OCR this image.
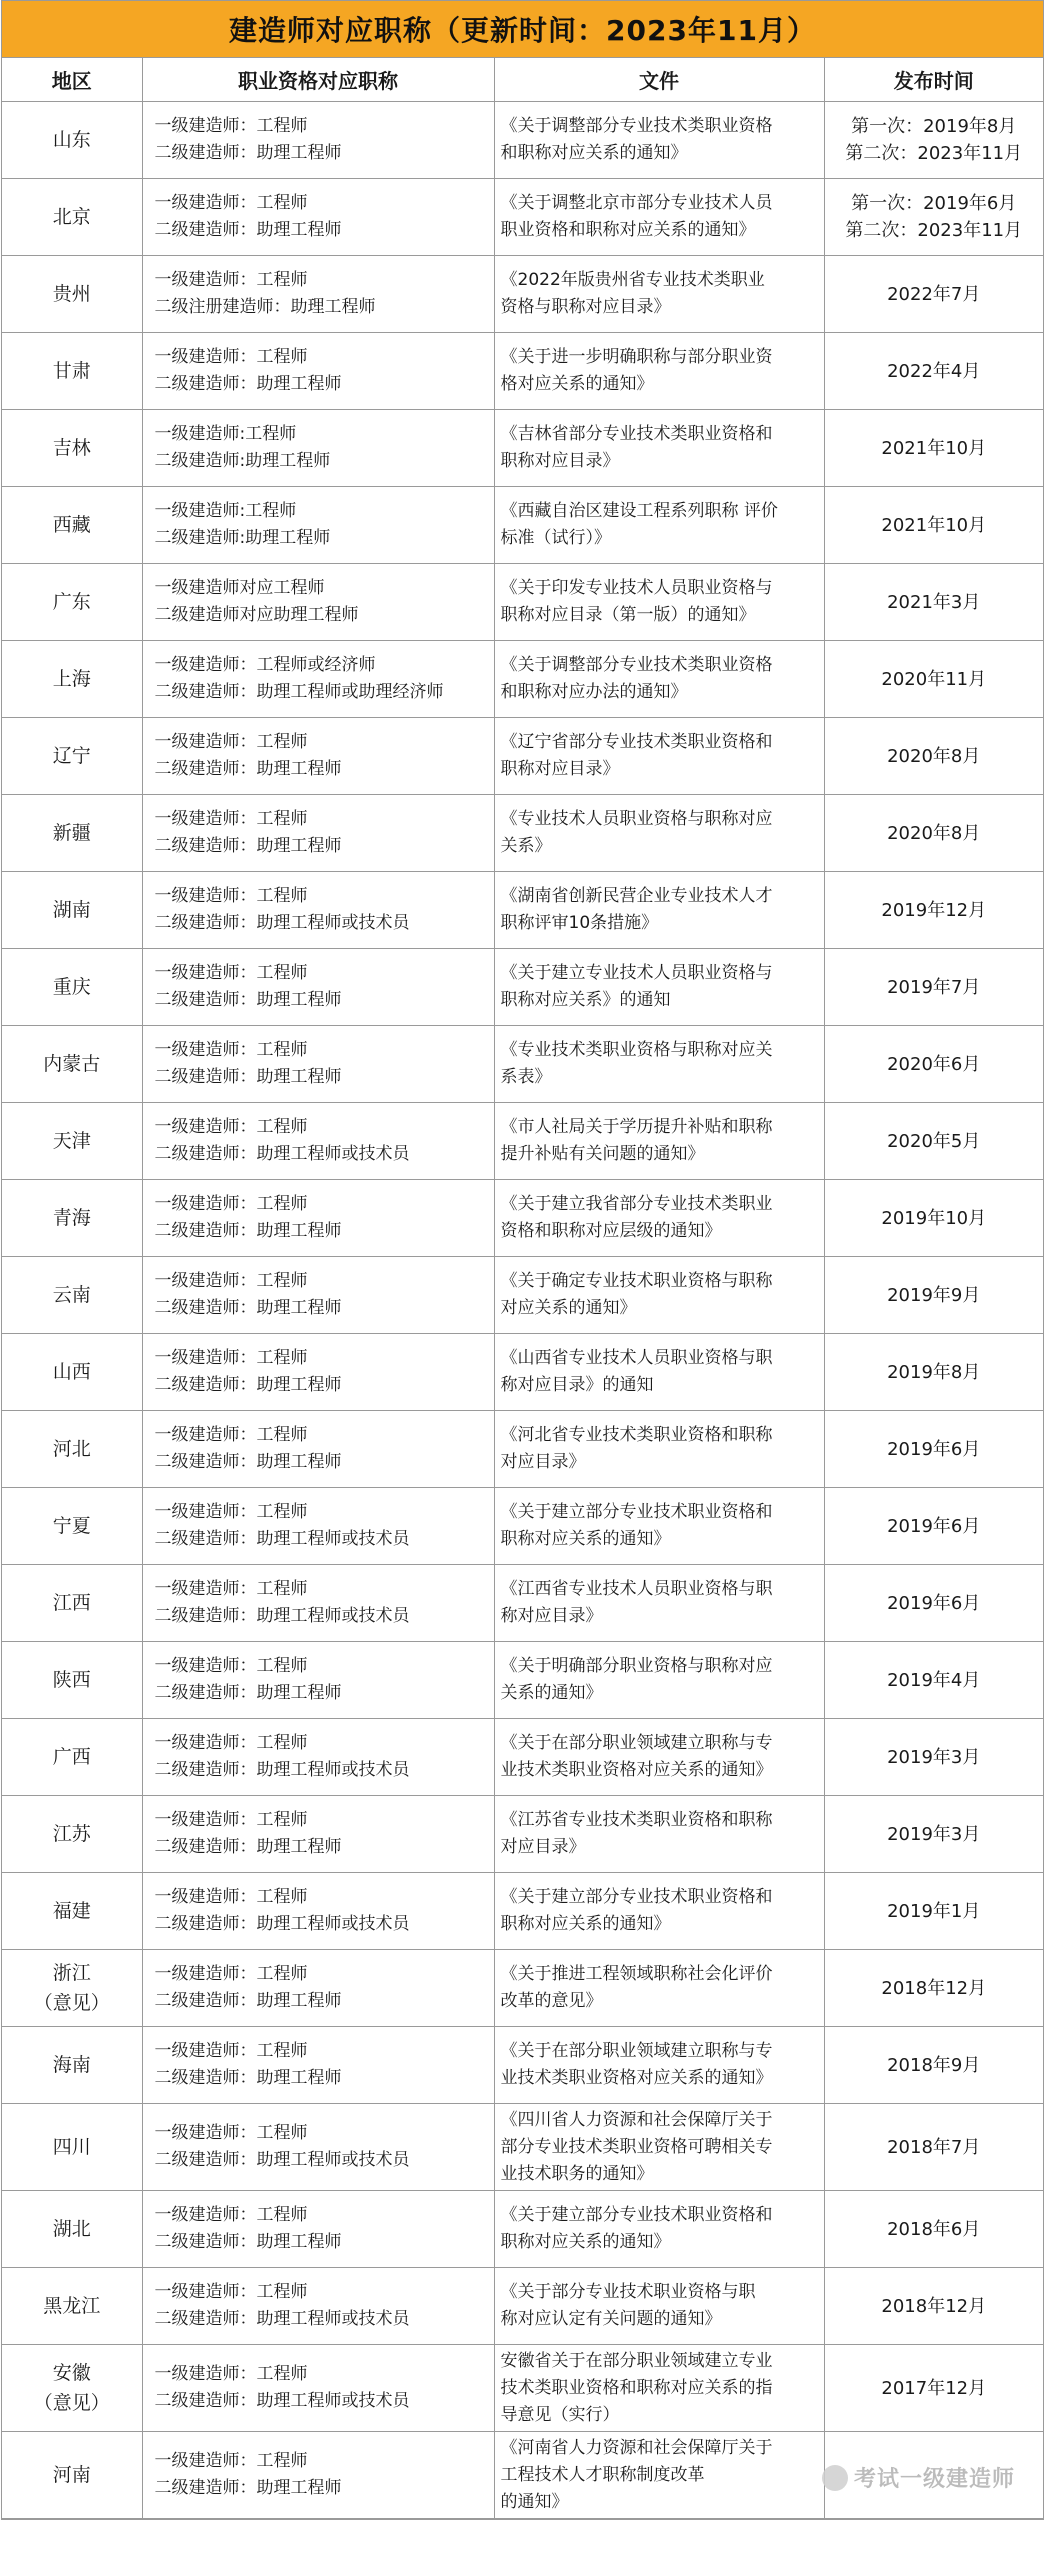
建造师对应职称（更新时间：2023年11月）
地区	职业资格对应职称	文件	发布时间

山东	一级建造师：工程师
二级建造师：助理工程师	《关于调整部分专业技术类职业资格
和职称对应关系的通知》	第一次：2019年8月
第二次：2023年11月

北京	一级建造师：工程师
二级建造师：助理工程师	《关于调整北京市部分专业技术人员
职业资格和职称对应关系的通知》	第一次：2019年6月
第二次：2023年11月

贵州	一级建造师：工程师
二级注册建造师：助理工程师	《2022年版贵州省专业技术类职业
资格与职称对应目录》	2022年7月

甘肃	一级建造师：工程师
二级建造师：助理工程师	《关于进一步明确职称与部分职业资
格对应关系的通知》	2022年4月

吉林	一级建造师:工程师
二级建造师:助理工程师	《吉林省部分专业技术类职业资格和
职称对应目录》	2021年10月

西藏	一级建造师:工程师
二级建造师:助理工程师	《西藏自治区建设工程系列职称 评价
标准（试行）》	2021年10月

广东	一级建造师对应工程师
二级建造师对应助理工程师	《关于印发专业技术人员职业资格与
职称对应目录（第一版）的通知》	2021年3月

上海	一级建造师：工程师或经济师
二级建造师：助理工程师或助理经济师	《关于调整部分专业技术类职业资格
和职称对应办法的通知》	2020年11月

辽宁	一级建造师：工程师
二级建造师：助理工程师	《辽宁省部分专业技术类职业资格和
职称对应目录》	2020年8月

新疆	一级建造师：工程师
二级建造师：助理工程师	《专业技术人员职业资格与职称对应
关系》	2020年8月

湖南	一级建造师：工程师
二级建造师：助理工程师或技术员	《湖南省创新民营企业专业技术人才
职称评审10条措施》	2019年12月

重庆	一级建造师：工程师
二级建造师：助理工程师	《关于建立专业技术人员职业资格与
职称对应关系》的通知	2019年7月

内蒙古	一级建造师：工程师
二级建造师：助理工程师	《专业技术类职业资格与职称对应关
系表》	2020年6月

天津	一级建造师：工程师
二级建造师：助理工程师或技术员	《市人社局关于学历提升补贴和职称
提升补贴有关问题的通知》	2020年5月

青海	一级建造师：工程师
二级建造师：助理工程师	《关于建立我省部分专业技术类职业
资格和职称对应层级的通知》	2019年10月

云南	一级建造师：工程师
二级建造师：助理工程师	《关于确定专业技术职业资格与职称
对应关系的通知》	2019年9月

山西	一级建造师：工程师
二级建造师：助理工程师	《山西省专业技术人员职业资格与职
称对应目录》的通知	2019年8月

河北	一级建造师：工程师
二级建造师：助理工程师	《河北省专业技术类职业资格和职称
对应目录》	2019年6月

宁夏	一级建造师：工程师
二级建造师：助理工程师或技术员	《关于建立部分专业技术职业资格和
职称对应关系的通知》	2019年6月

江西	一级建造师：工程师
二级建造师：助理工程师或技术员	《江西省专业技术人员职业资格与职
称对应目录》	2019年6月

陕西	一级建造师：工程师
二级建造师：助理工程师	《关于明确部分职业资格与职称对应
关系的通知》	2019年4月

广西	一级建造师：工程师
二级建造师：助理工程师或技术员	《关于在部分职业领域建立职称与专
业技术类职业资格对应关系的通知》	2019年3月

江苏	一级建造师：工程师
二级建造师：助理工程师	《江苏省专业技术类职业资格和职称
对应目录》	2019年3月

福建	一级建造师：工程师
二级建造师：助理工程师或技术员	《关于建立部分专业技术职业资格和
职称对应关系的通知》	2019年1月

浙江
（意见）	一级建造师：工程师
二级建造师：助理工程师	《关于推进工程领域职称社会化评价
改革的意见》	2018年12月

海南	一级建造师：工程师
二级建造师：助理工程师	《关于在部分职业领域建立职称与专
业技术类职业资格对应关系的通知》	2018年9月

四川	一级建造师：工程师
二级建造师：助理工程师或技术员	《四川省人力资源和社会保障厅关于
部分专业技术类职业资格可聘相关专
业技术职务的通知》	2018年7月

湖北	一级建造师：工程师
二级建造师：助理工程师	《关于建立部分专业技术职业资格和
职称对应关系的通知》	2018年6月

黑龙江	一级建造师：工程师
二级建造师：助理工程师或技术员	《关于部分专业技术职业资格与职
称对应认定有关问题的通知》	2018年12月

安徽
（意见）	一级建造师：工程师
二级建造师：助理工程师或技术员	安徽省关于在部分职业领域建立专业
技术类职业资格和职称对应关系的指
导意见（实行）	2017年12月

河南	一级建造师：工程师
二级建造师：助理工程师	《河南省人力资源和社会保障厅关于
工程技术人才职称制度改革
的通知》	

考试一级建造师
